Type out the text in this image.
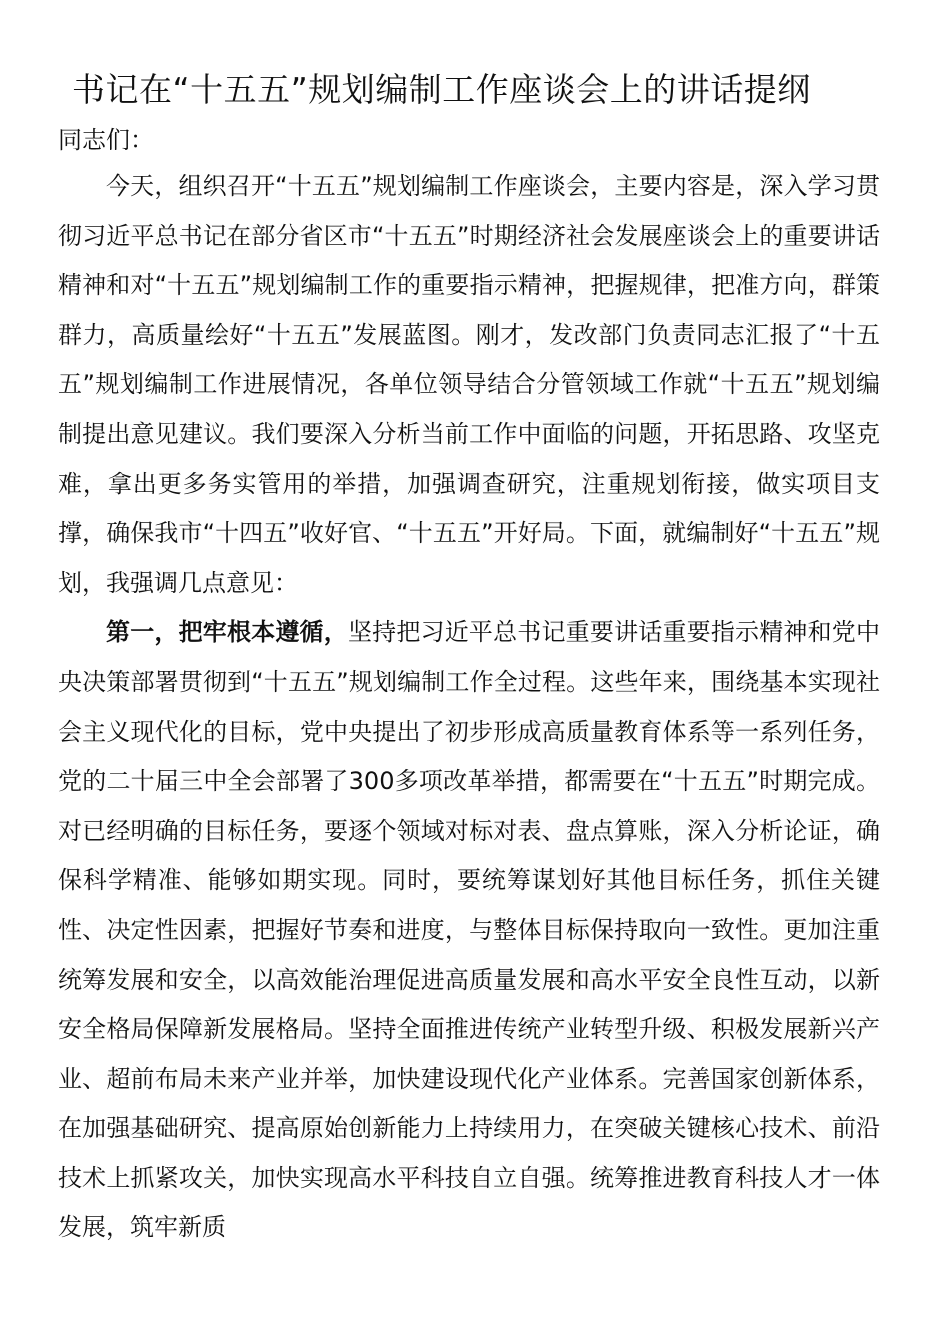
书记在“十五五”规划编制工作座谈会上的讲话提纲

同志们：

今天，组织召开“十五五”规划编制工作座谈会，主要内容是，深入学习贯彻习近平总书记在部分省区市“十五五”时期经济社会发展座谈会上的重要讲话精神和对“十五五”规划编制工作的重要指示精神，把握规律，把准方向，群策群力，高质量绘好“十五五”发展蓝图。刚才，发改部门负责同志汇报了“十五五”规划编制工作进展情况，各单位领导结合分管领域工作就“十五五”规划编制提出意见建议。我们要深入分析当前工作中面临的问题，开拓思路、攻坚克难，拿出更多务实管用的举措，加强调查研究，注重规划衔接，做实项目支撑，确保我市“十四五”收好官、“十五五”开好局。下面，就编制好“十五五”规划，我强调几点意见：

第一，把牢根本遵循，坚持把习近平总书记重要讲话重要指示精神和党中央决策部署贯彻到“十五五”规划编制工作全过程。这些年来，围绕基本实现社会主义现代化的目标，党中央提出了初步形成高质量教育体系等一系列任务，党的二十届三中全会部署了300多项改革举措，都需要在“十五五”时期完成。对已经明确的目标任务，要逐个领域对标对表、盘点算账，深入分析论证，确保科学精准、能够如期实现。同时，要统筹谋划好其他目标任务，抓住关键性、决定性因素，把握好节奏和进度，与整体目标保持取向一致性。更加注重统筹发展和安全，以高效能治理促进高质量发展和高水平安全良性互动，以新安全格局保障新发展格局。坚持全面推进传统产业转型升级、积极发展新兴产业、超前布局未来产业并举，加快建设现代化产业体系。完善国家创新体系，在加强基础研究、提高原始创新能力上持续用力，在突破关键核心技术、前沿技术上抓紧攻关，加快实现高水平科技自立自强。统筹推进教育科技人才一体发展，筑牢新质
